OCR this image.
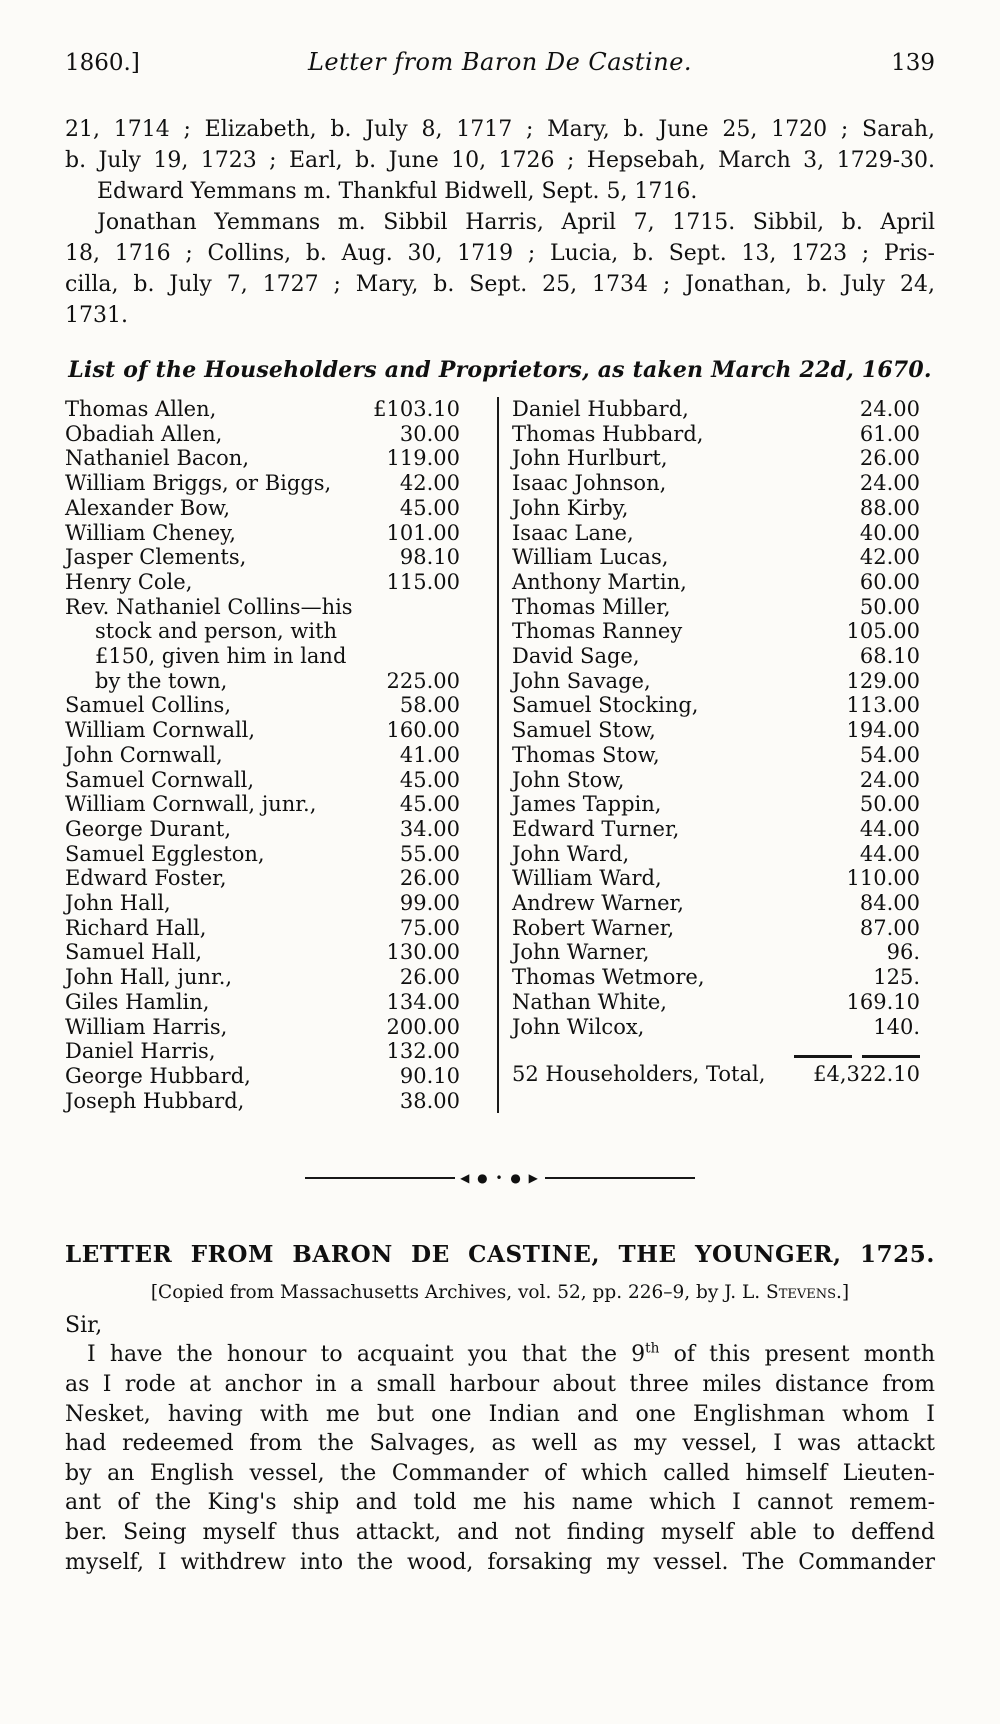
1860.]	Letter from Baron De Castine.	139
21, 1714 ; Elizabeth, b. July 8, 1717 ; Mary, b. June 25, 1720 ; Sarah,
b. July 19, 1723 ; Earl, b. June 10, 1726 ; Hepsebah, March 3, 1729-30.
Edward Yemmans m. Thankful Bidwell, Sept. 5, 1716.
Jonathan Yemmans m. Sibbil Harris, April 7, 1715. Sibbil, b. April
18, 1716 ; Collins, b. Aug. 30, 1719 ; Lucia, b. Sept. 13, 1723 ; Pris-
cilla, b. July 7, 1727 ; Mary, b. Sept. 25, 1734 ; Jonathan, b. July 24,
1731.
List of the Householders and Proprietors, as taken March 22d, 1670.
Thomas Allen,	£103.10
Obadiah Allen,	30.00
Nathaniel Bacon,	119.00
William Briggs, or Biggs,	42.00
Alexander Bow,	45.00
William Cheney,	101.00
Jasper Clements,	98.10
Henry Cole,	115.00
Rev. Nathaniel Collins—his
stock and person, with
£150, given him in land
by the town,	225.00
Samuel Collins,	58.00
William Cornwall,	160.00
John Cornwall,	41.00
Samuel Cornwall,	45.00
William Cornwall, junr.,	45.00
George Durant,	34.00
Samuel Eggleston,	55.00
Edward Foster,	26.00
John Hall,	99.00
Richard Hall,	75.00
Samuel Hall,	130.00
John Hall, junr.,	26.00
Giles Hamlin,	134.00
William Harris,	200.00
Daniel Harris,	132.00
George Hubbard,	90.10
Joseph Hubbard,	38.00
Daniel Hubbard,	24.00
Thomas Hubbard,	61.00
John Hurlburt,	26.00
Isaac Johnson,	24.00
John Kirby,	88.00
Isaac Lane,	40.00
William Lucas,	42.00
Anthony Martin,	60.00
Thomas Miller,	50.00
Thomas Ranney	105.00
David Sage,	68.10
John Savage,	129.00
Samuel Stocking,	113.00
Samuel Stow,	194.00
Thomas Stow,	54.00
John Stow,	24.00
James Tappin,	50.00
Edward Turner,	44.00
John Ward,	44.00
William Ward,	110.00
Andrew Warner,	84.00
Robert Warner,	87.00
John Warner,	96.
Thomas Wetmore,	125.
Nathan White,	169.10
John Wilcox,	140.
52 Householders, Total, £4,322.10
◀ ● • ● ▶
LETTER FROM BARON DE CASTINE, THE YOUNGER, 1725.
[Copied from Massachusetts Archives, vol. 52, pp. 226–9, by J. L. Stevens.]
Sir,
I have the honour to acquaint you that the 9th of this present month
as I rode at anchor in a small harbour about three miles distance from
Nesket, having with me but one Indian and one Englishman whom I
had redeemed from the Salvages, as well as my vessel, I was attackt
by an English vessel, the Commander of which called himself Lieuten-
ant of the King's ship and told me his name which I cannot remem-
ber. Seing myself thus attackt, and not finding myself able to deffend
myself, I withdrew into the wood, forsaking my vessel. The Commander
